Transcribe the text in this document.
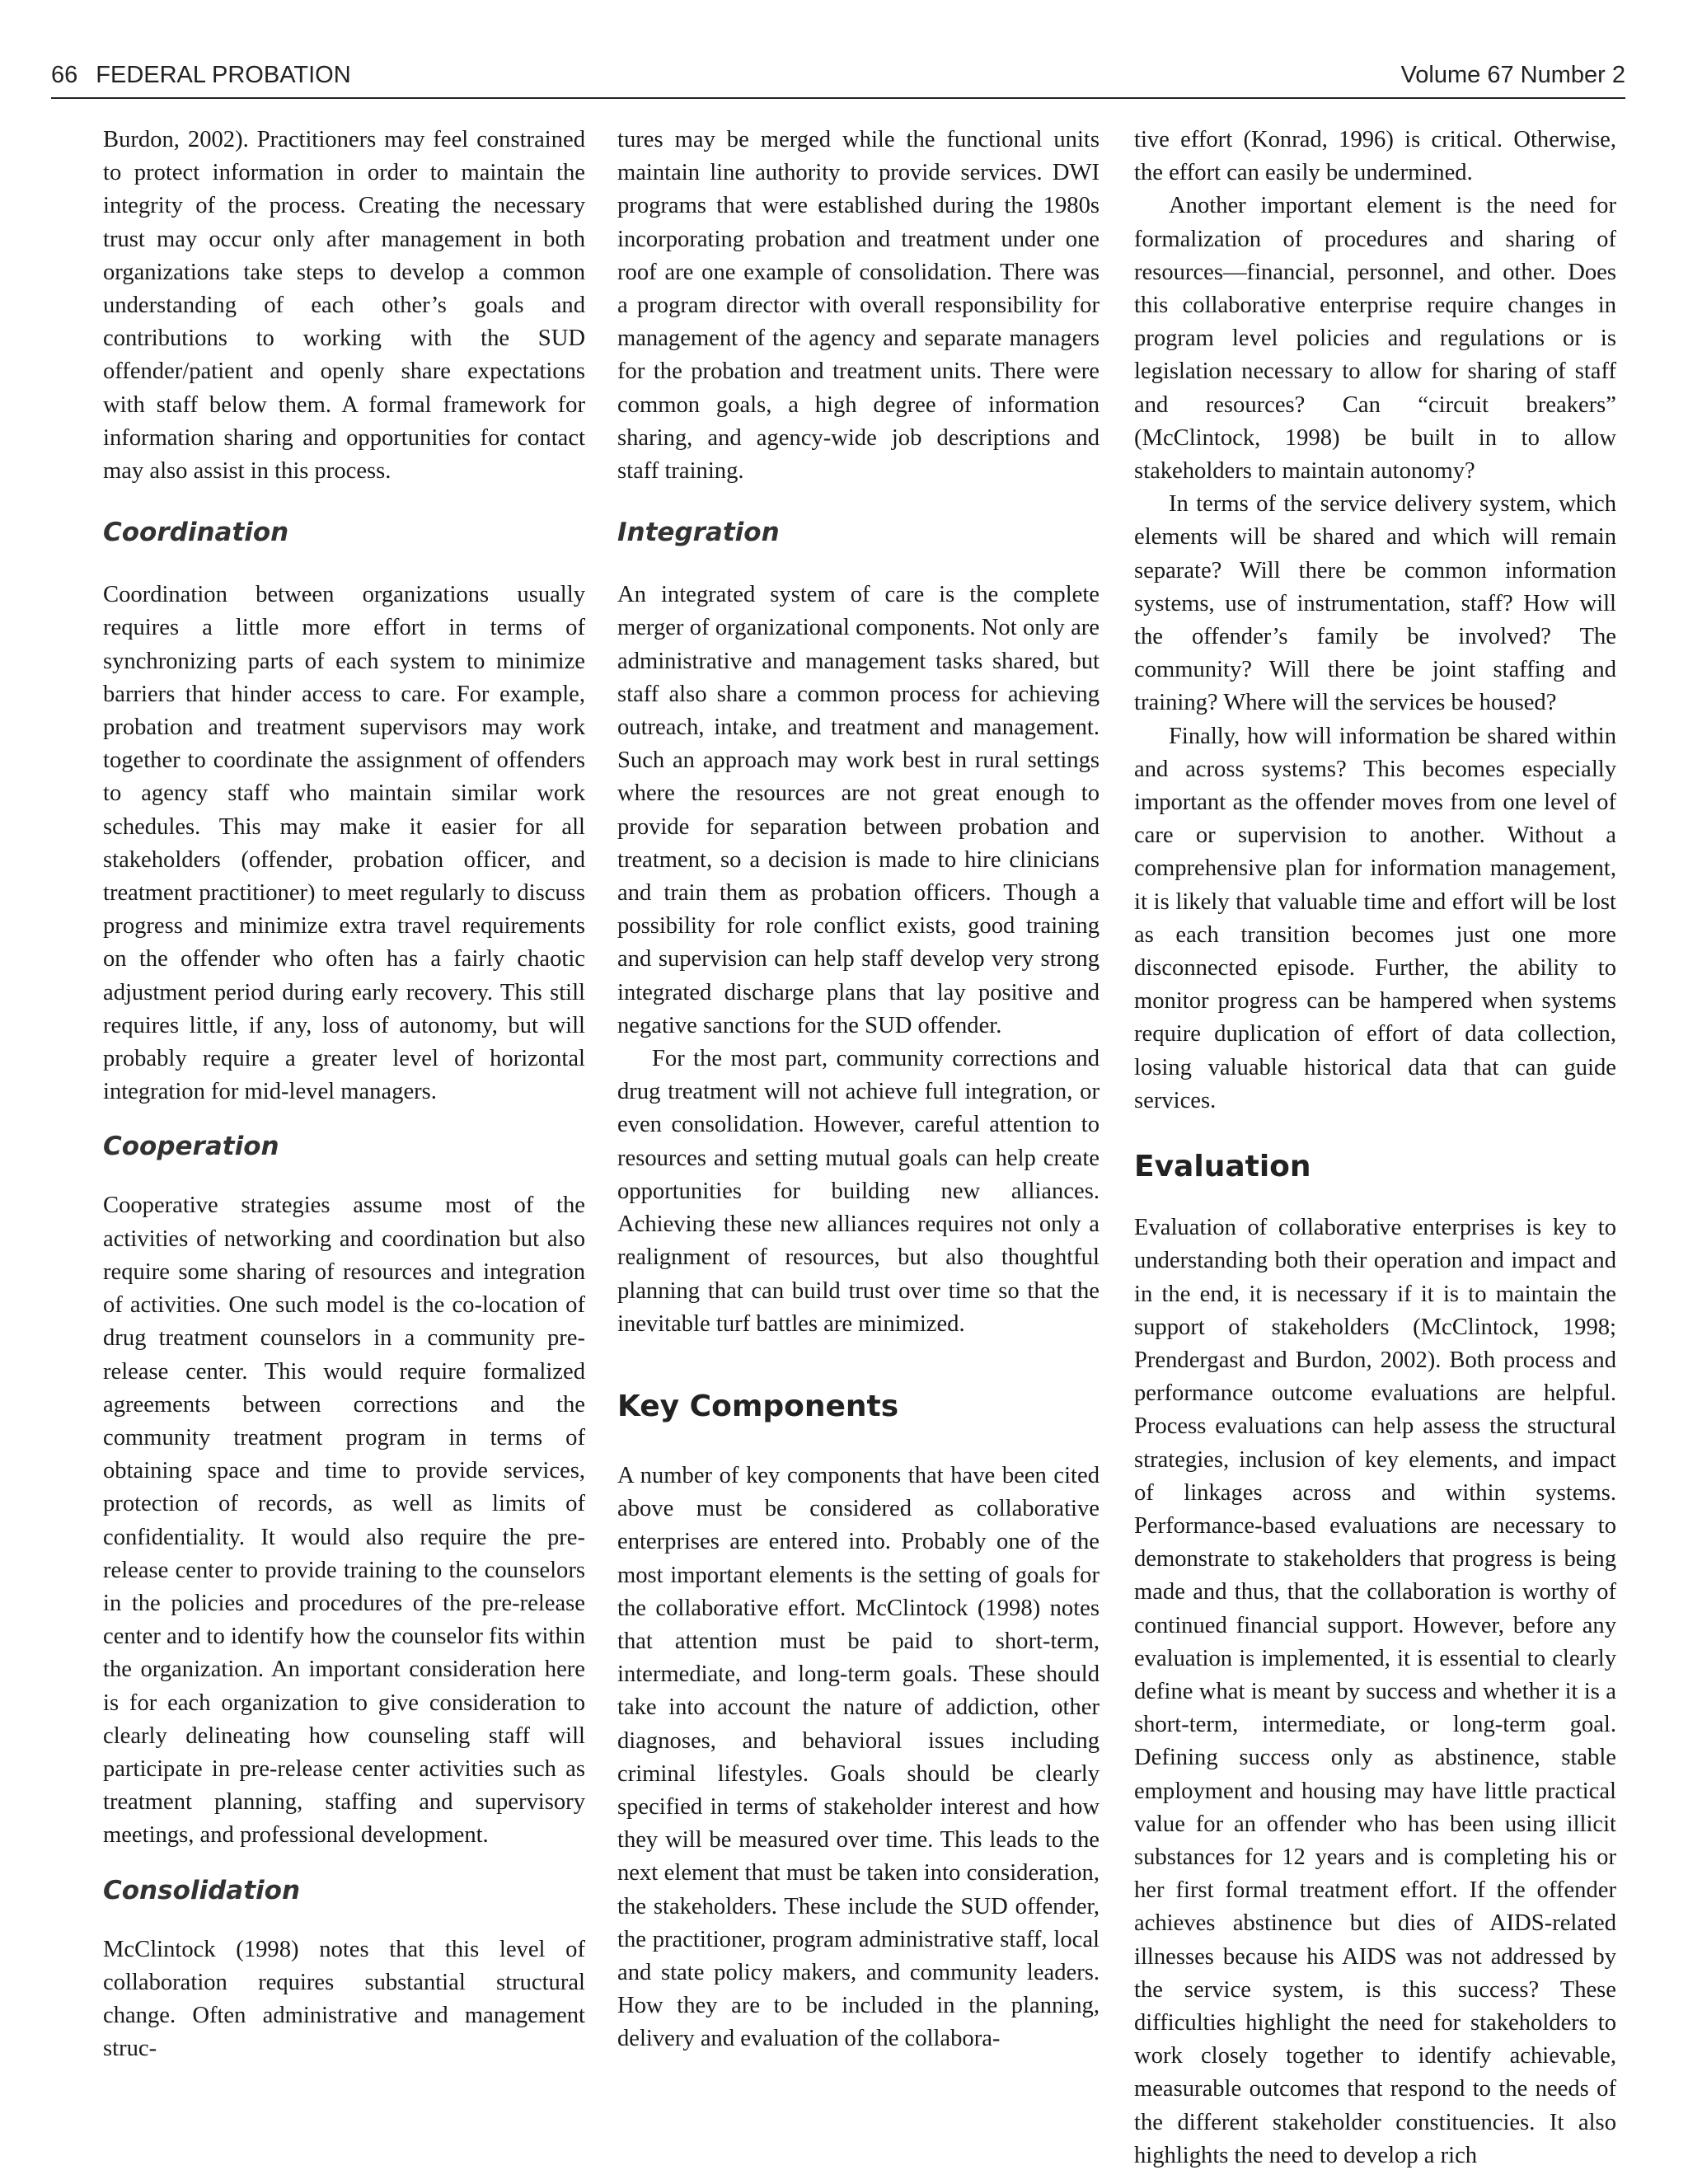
66 FEDERAL PROBATION	Volume 67 Number 2

Burdon, 2002). Practitioners may feel constrained to protect information in order to maintain the integrity of the process. Creating the necessary trust may occur only after management in both organizations take steps to develop a common understanding of each other’s goals and contributions to working with the SUD offender/patient and openly share expectations with staff below them. A formal framework for information sharing and opportunities for contact may also assist in this process.

Coordination

Coordination between organizations usually requires a little more effort in terms of synchronizing parts of each system to minimize barriers that hinder access to care. For example, probation and treatment supervisors may work together to coordinate the assignment of offenders to agency staff who maintain similar work schedules. This may make it easier for all stakeholders (offender, probation officer, and treatment practitioner) to meet regularly to discuss progress and minimize extra travel requirements on the offender who often has a fairly chaotic adjustment period during early recovery. This still requires little, if any, loss of autonomy, but will probably require a greater level of horizontal integration for mid-level managers.

Cooperation

Cooperative strategies assume most of the activities of networking and coordination but also require some sharing of resources and integration of activities. One such model is the co-location of drug treatment counselors in a community pre-release center. This would require formalized agreements between corrections and the community treatment program in terms of obtaining space and time to provide services, protection of records, as well as limits of confidentiality. It would also require the pre-release center to provide training to the counselors in the policies and procedures of the pre-release center and to identify how the counselor fits within the organization. An important consideration here is for each organization to give consideration to clearly delineating how counseling staff will participate in pre-release center activities such as treatment planning, staffing and supervisory meetings, and professional development.

Consolidation

McClintock (1998) notes that this level of collaboration requires substantial structural change. Often administrative and management struc-

tures may be merged while the functional units maintain line authority to provide services. DWI programs that were established during the 1980s incorporating probation and treatment under one roof are one example of consolidation. There was a program director with overall responsibility for management of the agency and separate managers for the probation and treatment units. There were common goals, a high degree of information sharing, and agency-wide job descriptions and staff training.

Integration

An integrated system of care is the complete merger of organizational components. Not only are administrative and management tasks shared, but staff also share a common process for achieving outreach, intake, and treatment and management. Such an approach may work best in rural settings where the resources are not great enough to provide for separation between probation and treatment, so a decision is made to hire clinicians and train them as probation officers. Though a possibility for role conflict exists, good training and supervision can help staff develop very strong integrated discharge plans that lay positive and negative sanctions for the SUD offender.

For the most part, community corrections and drug treatment will not achieve full integration, or even consolidation. However, careful attention to resources and setting mutual goals can help create opportunities for building new alliances. Achieving these new alliances requires not only a realignment of resources, but also thoughtful planning that can build trust over time so that the inevitable turf battles are minimized.

Key Components

A number of key components that have been cited above must be considered as collaborative enterprises are entered into. Probably one of the most important elements is the setting of goals for the collaborative effort. McClintock (1998) notes that attention must be paid to short-term, intermediate, and long-term goals. These should take into account the nature of addiction, other diagnoses, and behavioral issues including criminal lifestyles. Goals should be clearly specified in terms of stakeholder interest and how they will be measured over time. This leads to the next element that must be taken into consideration, the stakeholders. These include the SUD offender, the practitioner, program administrative staff, local and state policy makers, and community leaders. How they are to be included in the planning, delivery and evaluation of the collabora-

tive effort (Konrad, 1996) is critical. Otherwise, the effort can easily be undermined.

Another important element is the need for formalization of procedures and sharing of resources—financial, personnel, and other. Does this collaborative enterprise require changes in program level policies and regulations or is legislation necessary to allow for sharing of staff and resources? Can “circuit breakers” (McClintock, 1998) be built in to allow stakeholders to maintain autonomy?

In terms of the service delivery system, which elements will be shared and which will remain separate? Will there be common information systems, use of instrumentation, staff? How will the offender’s family be involved? The community? Will there be joint staffing and training? Where will the services be housed?

Finally, how will information be shared within and across systems? This becomes especially important as the offender moves from one level of care or supervision to another. Without a comprehensive plan for information management, it is likely that valuable time and effort will be lost as each transition becomes just one more disconnected episode. Further, the ability to monitor progress can be hampered when systems require duplication of effort of data collection, losing valuable historical data that can guide services.

Evaluation

Evaluation of collaborative enterprises is key to understanding both their operation and impact and in the end, it is necessary if it is to maintain the support of stakeholders (McClintock, 1998; Prendergast and Burdon, 2002). Both process and performance outcome evaluations are helpful. Process evaluations can help assess the structural strategies, inclusion of key elements, and impact of linkages across and within systems. Performance-based evaluations are necessary to demonstrate to stakeholders that progress is being made and thus, that the collaboration is worthy of continued financial support. However, before any evaluation is implemented, it is essential to clearly define what is meant by success and whether it is a short-term, intermediate, or long-term goal. Defining success only as abstinence, stable employment and housing may have little practical value for an offender who has been using illicit substances for 12 years and is completing his or her first formal treatment effort. If the offender achieves abstinence but dies of AIDS-related illnesses because his AIDS was not addressed by the service system, is this success? These difficulties highlight the need for stakeholders to work closely together to identify achievable, measurable outcomes that respond to the needs of the different stakeholder constituencies. It also highlights the need to develop a rich
